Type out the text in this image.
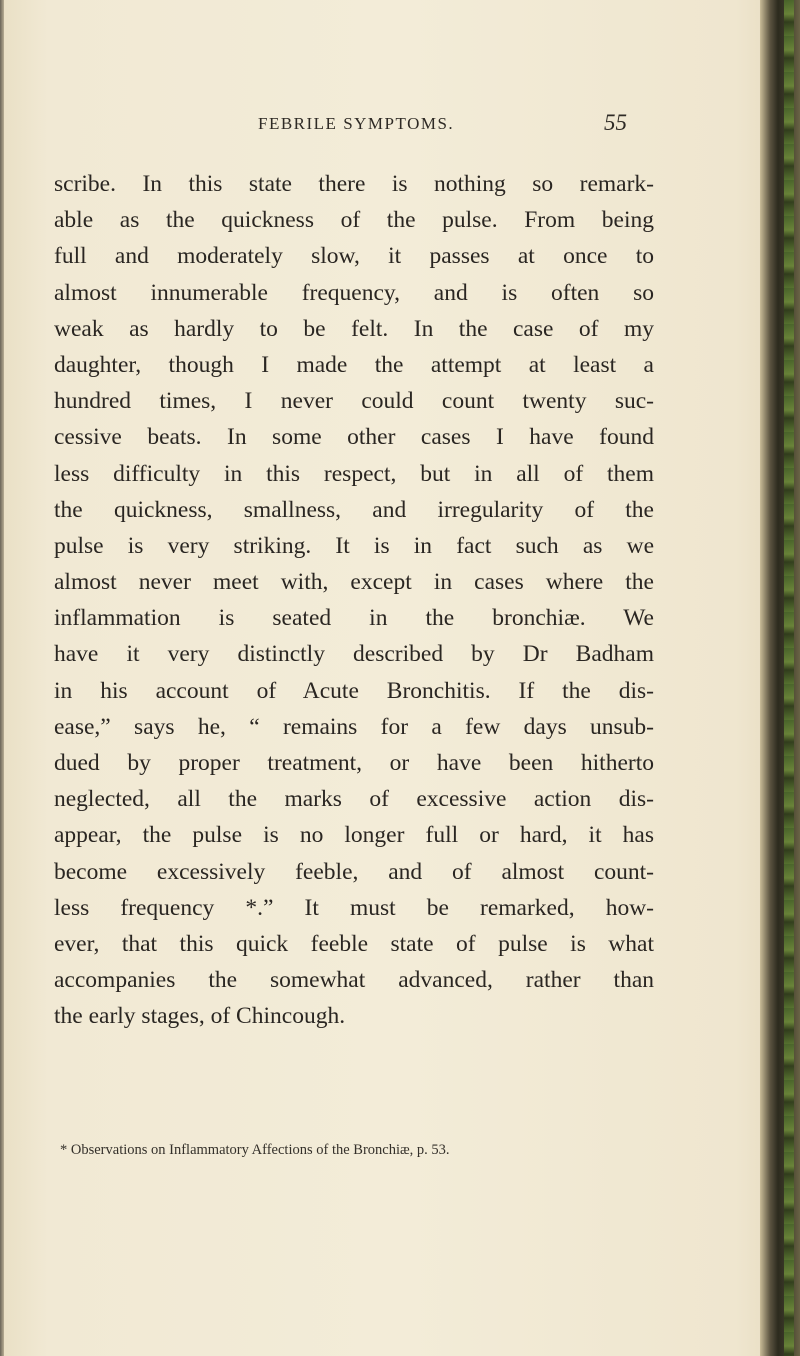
FEBRILE SYMPTOMS.	55
scribe. In this state there is nothing so remark-
able as the quickness of the pulse. From being
full and moderately slow, it passes at once to
almost innumerable frequency, and is often so
weak as hardly to be felt. In the case of my
daughter, though I made the attempt at least a
hundred times, I never could count twenty suc-
cessive beats. In some other cases I have found
less difficulty in this respect, but in all of them
the quickness, smallness, and irregularity of the
pulse is very striking. It is in fact such as we
almost never meet with, except in cases where the
inflammation is seated in the bronchiæ. We
have it very distinctly described by Dr Badham
in his account of Acute Bronchitis. If the dis-
ease,” says he, “ remains for a few days unsub-
dued by proper treatment, or have been hitherto
neglected, all the marks of excessive action dis-
appear, the pulse is no longer full or hard, it has
become excessively feeble, and of almost count-
less frequency *.” It must be remarked, how-
ever, that this quick feeble state of pulse is what
accompanies the somewhat advanced, rather than
the early stages, of Chincough.
* Observations on Inflammatory Affections of the Bronchiæ, p. 53.
